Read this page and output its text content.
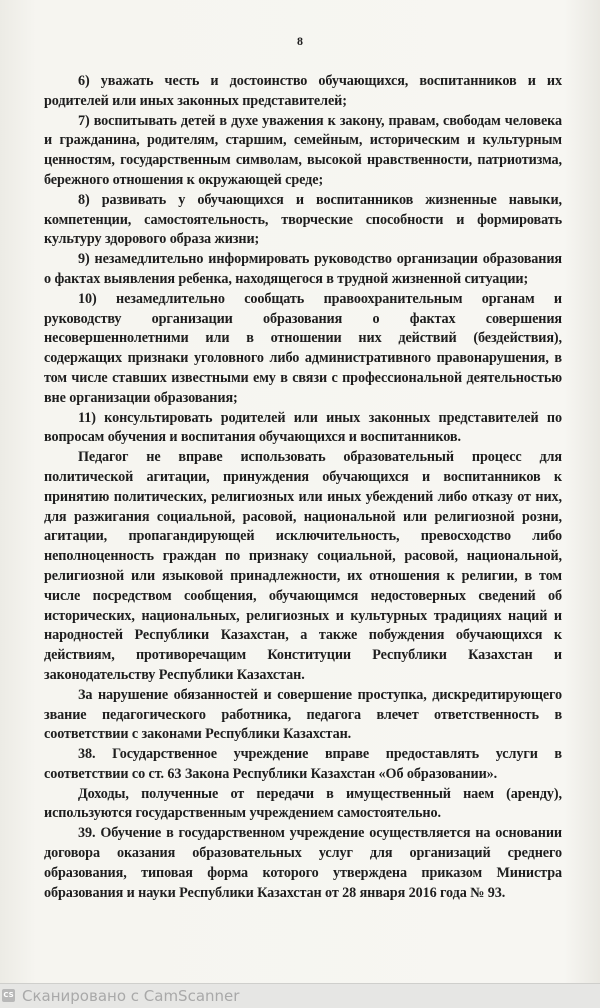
8

6) уважать честь и достоинство обучающихся, воспитанников и их родителей или иных законных представителей;

7) воспитывать детей в духе уважения к закону, правам, свободам человека и гражданина, родителям, старшим, семейным, историческим и культурным ценностям, государственным символам, высокой нравственности, патриотизма, бережного отношения к окружающей среде;

8) развивать у обучающихся и воспитанников жизненные навыки, компетенции, самостоятельность, творческие способности и формировать культуру здорового образа жизни;

9) незамедлительно информировать руководство организации образования о фактах выявления ребенка, находящегося в трудной жизненной ситуации;

10) незамедлительно сообщать правоохранительным органам и руководству организации образования о фактах совершения несовершеннолетними или в отношении них действий (бездействия), содержащих признаки уголовного либо административного правонарушения, в том числе ставших известными ему в связи с профессиональной деятельностью вне организации образования;

11) консультировать родителей или иных законных представителей по вопросам обучения и воспитания обучающихся и воспитанников.

Педагог не вправе использовать образовательный процесс для политической агитации, принуждения обучающихся и воспитанников к принятию политических, религиозных или иных убеждений либо отказу от них, для разжигания социальной, расовой, национальной или религиозной розни, агитации, пропагандирующей исключительность, превосходство либо неполноценность граждан по признаку социальной, расовой, национальной, религиозной или языковой принадлежности, их отношения к религии, в том числе посредством сообщения, обучающимся недостоверных сведений об исторических, национальных, религиозных и культурных традициях наций и народностей Республики Казахстан, а также побуждения обучающихся к действиям, противоречащим Конституции Республики Казахстан и законодательству Республики Казахстан.

За нарушение обязанностей и совершение проступка, дискредитирующего звание педагогического работника, педагога влечет ответственность в соответствии с законами Республики Казахстан.

38. Государственное учреждение вправе предоставлять услуги в соответствии со ст. 63 Закона Республики Казахстан «Об образовании».

Доходы, полученные от передачи в имущественный наем (аренду), используются государственным учреждением самостоятельно.

39. Обучение в государственном учреждение осуществляется на основании договора оказания образовательных услуг для организаций среднего образования, типовая форма которого утверждена приказом Министра образования и науки Республики Казахстан от 28 января 2016 года № 93.

CS Сканировано с CamScanner
